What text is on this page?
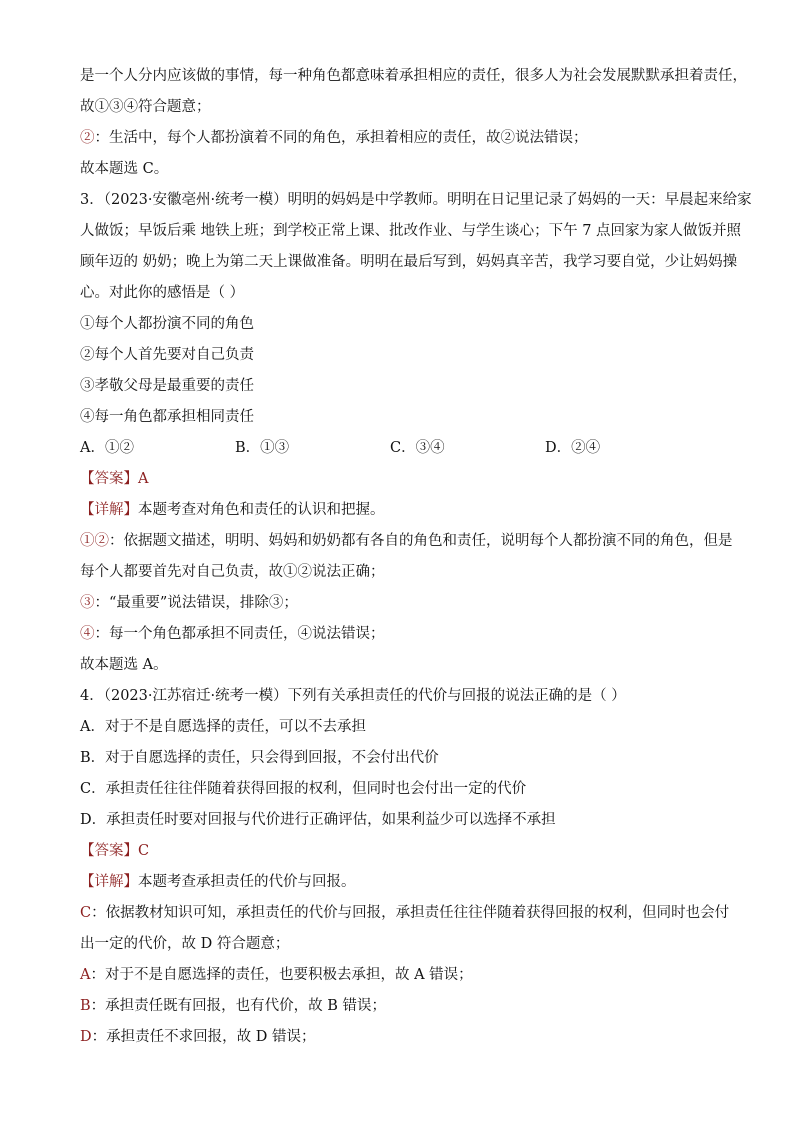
是一个人分内应该做的事情，每一种角色都意味着承担相应的责任，很多人为社会发展默默承担着责任，
故①③④符合题意；
②：生活中，每个人都扮演着不同的角色，承担着相应的责任，故②说法错误；
故本题选 C。
3．（2023·安徽亳州·统考一模）明明的妈妈是中学教师。明明在日记里记录了妈妈的一天：早晨起来给家
人做饭；早饭后乘 地铁上班；到学校正常上课、批改作业、与学生谈心；下午 7 点回家为家人做饭并照
顾年迈的 奶奶；晚上为第二天上课做准备。明明在最后写到，妈妈真辛苦，我学习要自觉，少让妈妈操
心。对此你的感悟是（ ）
①每个人都扮演不同的角色
②每个人首先要对自己负责
③孝敬父母是最重要的责任
④每一角色都承担相同责任
A．①②	B．①③	C．③④	D．②④
【答案】A
【详解】本题考查对角色和责任的认识和把握。
①②：依据题文描述，明明、妈妈和奶奶都有各自的角色和责任，说明每个人都扮演不同的角色，但是
每个人都要首先对自己负责，故①②说法正确；
③：“最重要”说法错误，排除③；
④：每一个角色都承担不同责任，④说法错误；
故本题选 A。
4．（2023·江苏宿迁·统考一模）下列有关承担责任的代价与回报的说法正确的是（ ）
A．对于不是自愿选择的责任，可以不去承担
B．对于自愿选择的责任，只会得到回报，不会付出代价
C．承担责任往往伴随着获得回报的权利，但同时也会付出一定的代价
D．承担责任时要对回报与代价进行正确评估，如果利益少可以选择不承担
【答案】C
【详解】本题考查承担责任的代价与回报。
C：依据教材知识可知，承担责任的代价与回报，承担责任往往伴随着获得回报的权利，但同时也会付
出一定的代价，故 D 符合题意；
A：对于不是自愿选择的责任，也要积极去承担，故 A 错误；
B：承担责任既有回报，也有代价，故 B 错误；
D：承担责任不求回报，故 D 错误；
